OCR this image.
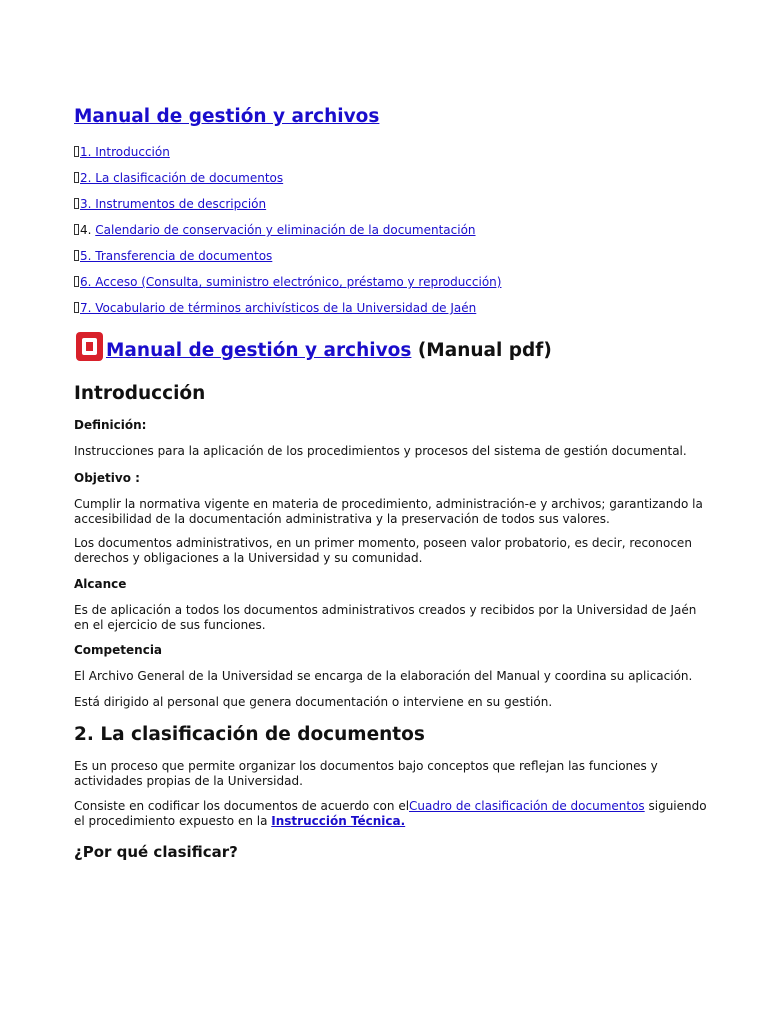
Manual de gestión y archivos
1. Introducción
2. La clasificación de documentos
3. Instrumentos de descripción
4. Calendario de conservación y eliminación de la documentación
5. Transferencia de documentos
6. Acceso (Consulta, suministro electrónico, préstamo y reproducción)
7. Vocabulario de términos archivísticos de la Universidad de Jaén
Manual de gestión y archivos (Manual pdf)
Introducción
Definición:

Instrucciones para la aplicación de los procedimientos y procesos del sistema de gestión documental.

Objetivo :

Cumplir la normativa vigente en materia de procedimiento, administración-e y archivos; garantizando la accesibilidad de la documentación administrativa y la preservación de todos sus valores.

Los documentos administrativos, en un primer momento, poseen valor probatorio, es decir, reconocen derechos y obligaciones a la Universidad y su comunidad.

Alcance

Es de aplicación a todos los documentos administrativos creados y recibidos por la Universidad de Jaén en el ejercicio de sus funciones.

Competencia

El Archivo General de la Universidad se encarga de la elaboración del Manual y coordina su aplicación.

Está dirigido al personal que genera documentación o interviene en su gestión.

2. La clasificación de documentos

Es un proceso que permite organizar los documentos bajo conceptos que reflejan las funciones y actividades propias de la Universidad.

Consiste en codificar los documentos de acuerdo con elCuadro de clasificación de documentos siguiendo el procedimiento expuesto en la Instrucción Técnica.

¿Por qué clasificar?
